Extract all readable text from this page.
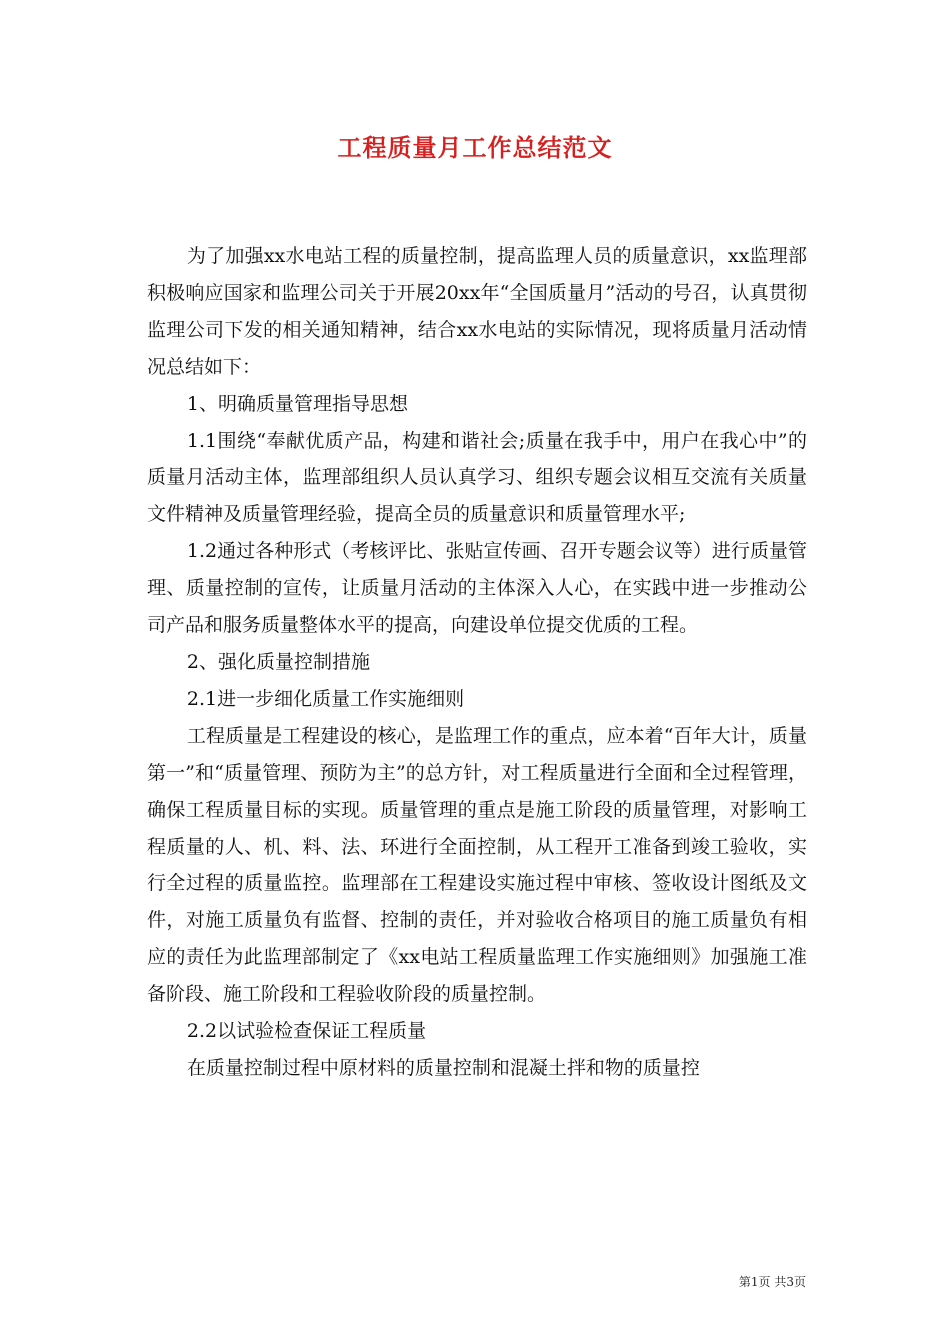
工程质量月工作总结范文

为了加强xx水电站工程的质量控制，提高监理人员的质量意识，xx监理部积极响应国家和监理公司关于开展20xx年“全国质量月”活动的号召，认真贯彻监理公司下发的相关通知精神，结合xx水电站的实际情况，现将质量月活动情况总结如下：

1、明确质量管理指导思想

1.1围绕“奉献优质产品，构建和谐社会;质量在我手中，用户在我心中”的质量月活动主体，监理部组织人员认真学习、组织专题会议相互交流有关质量文件精神及质量管理经验，提高全员的质量意识和质量管理水平;

1.2通过各种形式（考核评比、张贴宣传画、召开专题会议等）进行质量管理、质量控制的宣传，让质量月活动的主体深入人心，在实践中进一步推动公司产品和服务质量整体水平的提高，向建设单位提交优质的工程。

2、强化质量控制措施

2.1进一步细化质量工作实施细则

工程质量是工程建设的核心，是监理工作的重点，应本着“百年大计，质量第一”和“质量管理、预防为主”的总方针，对工程质量进行全面和全过程管理，确保工程质量目标的实现。质量管理的重点是施工阶段的质量管理，对影响工程质量的人、机、料、法、环进行全面控制，从工程开工准备到竣工验收，实行全过程的质量监控。监理部在工程建设实施过程中审核、签收设计图纸及文件，对施工质量负有监督、控制的责任，并对验收合格项目的施工质量负有相应的责任为此监理部制定了《xx电站工程质量监理工作实施细则》加强施工准备阶段、施工阶段和工程验收阶段的质量控制。

2.2以试验检查保证工程质量

在质量控制过程中原材料的质量控制和混凝土拌和物的质量控

第1页 共3页
